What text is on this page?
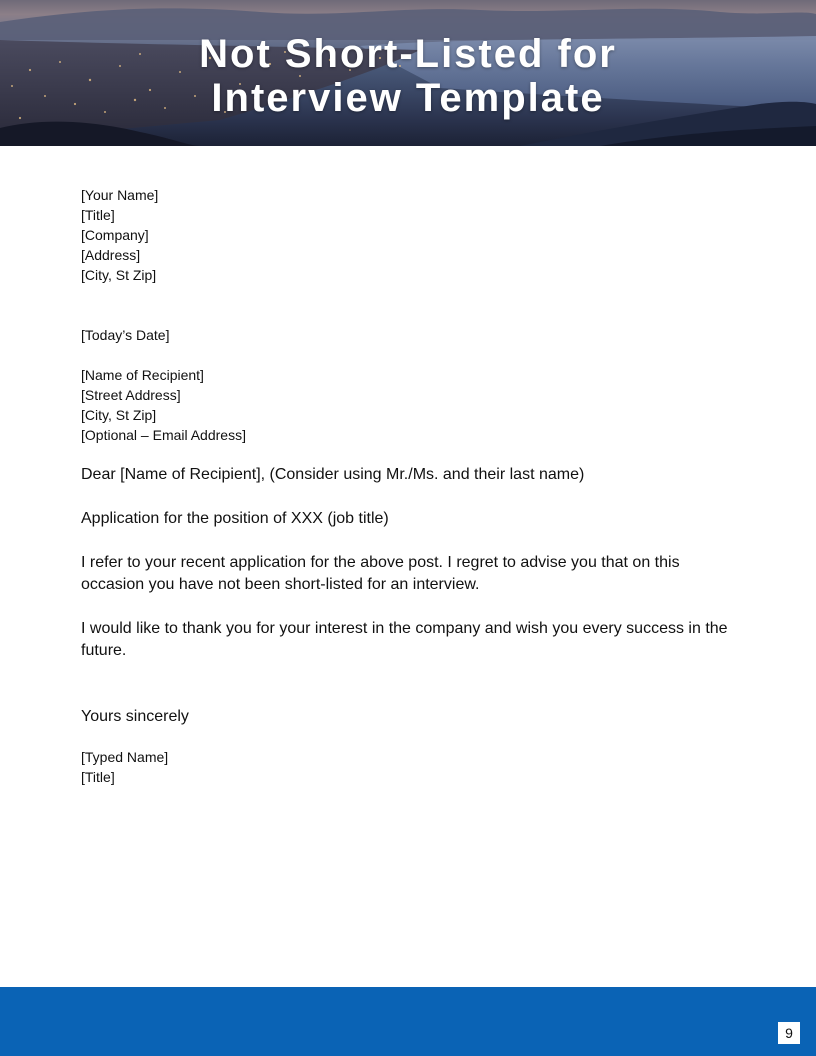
Not Short-Listed for
Interview Template

[Your Name]

[Title]

[Company]

[Address]

[City, St Zip]

[Today’s Date]

[Name of Recipient]

[Street Address]

[City, St Zip]

[Optional – Email Address]

Dear [Name of Recipient], (Consider using Mr./Ms. and their last name)

Application for the position of XXX (job title)

I refer to your recent application for the above post. I regret to advise you that on this

occasion you have not been short-listed for an interview.

I would like to thank you for your interest in the company and wish you every success in the

future.

Yours sincerely

[Typed Name]

[Title]

9
